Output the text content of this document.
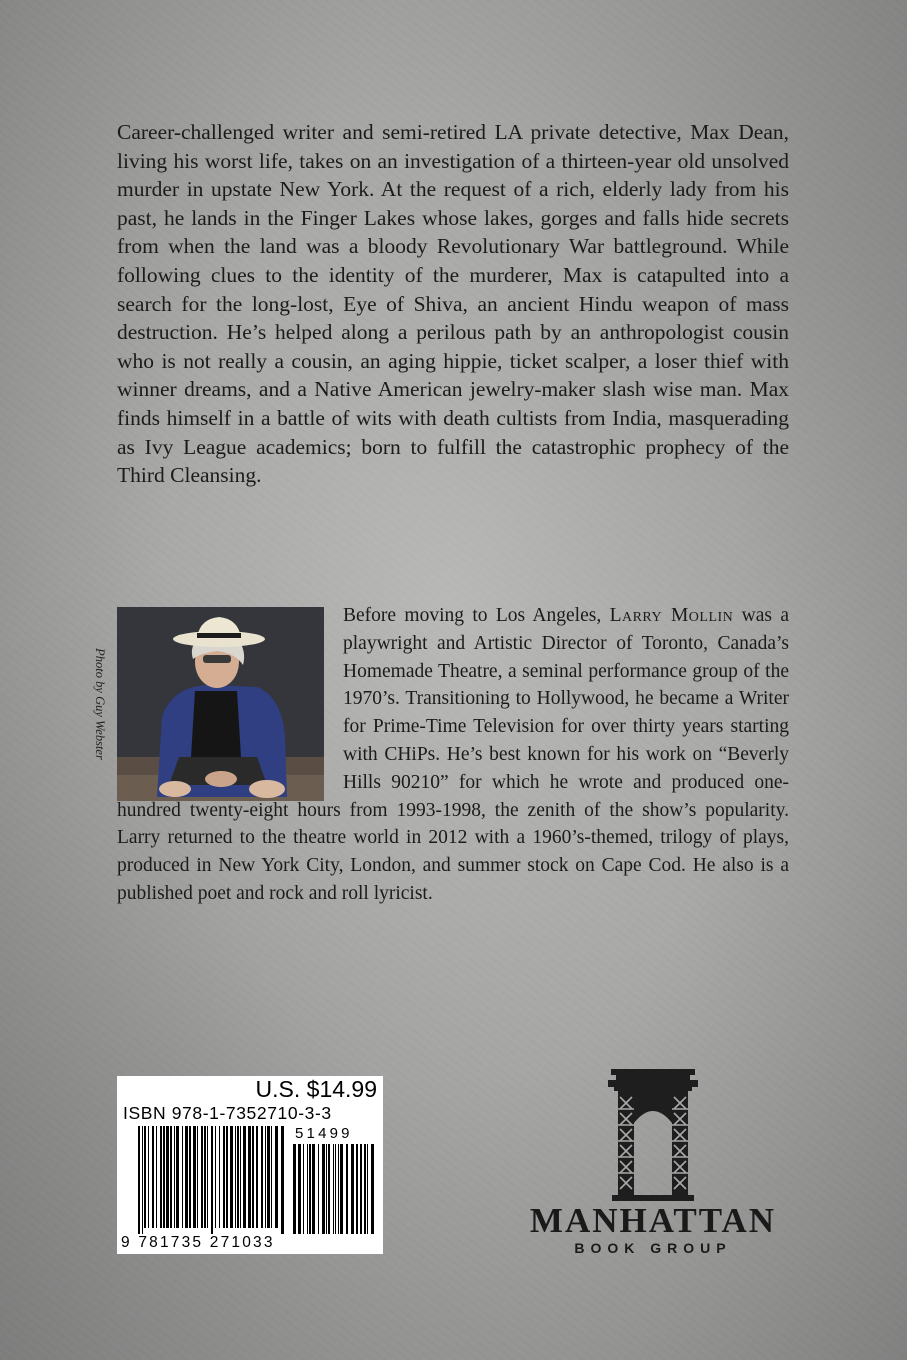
Career-challenged writer and semi-retired LA private detective, Max Dean, living his worst life, takes on an investigation of a thirteen-year old unsolved murder in upstate New York. At the request of a rich, elderly lady from his past, he lands in the Finger Lakes whose lakes, gorges and falls hide secrets from when the land was a bloody Revolutionary War battleground. While following clues to the identity of the murderer, Max is catapulted into a search for the long-lost, Eye of Shiva, an ancient Hindu weapon of mass destruction. He’s helped along a perilous path by an anthropologist cousin who is not really a cousin, an aging hippie, ticket scalper, a loser thief with winner dreams, and a Native American jewelry-maker slash wise man. Max finds himself in a battle of wits with death cultists from India, masquerading as Ivy League academics; born to fulfill the catastrophic prophecy of the Third Cleansing.

Photo by Guy Webster

Before moving to Los Angeles, Larry Mollin was a playwright and Artistic Director of Toronto, Canada’s Homemade Theatre, a seminal performance group of the 1970’s. Transitioning to Hollywood, he became a Writer for Prime-Time Television for over thirty years starting with CHiPs. He’s best known for his work on “Beverly Hills 90210” for which he wrote and produced one-hundred twenty-eight hours from 1993-1998, the zenith of the show’s popularity. Larry returned to the theatre world in 2012 with a 1960’s-themed, trilogy of plays, produced in New York City, London, and summer stock on Cape Cod. He also is a published poet and rock and roll lyricist.

U.S. $14.99
ISBN 978-1-7352710-3-3
51499
9 781735 271033
MANHATTAN
BOOK GROUP
